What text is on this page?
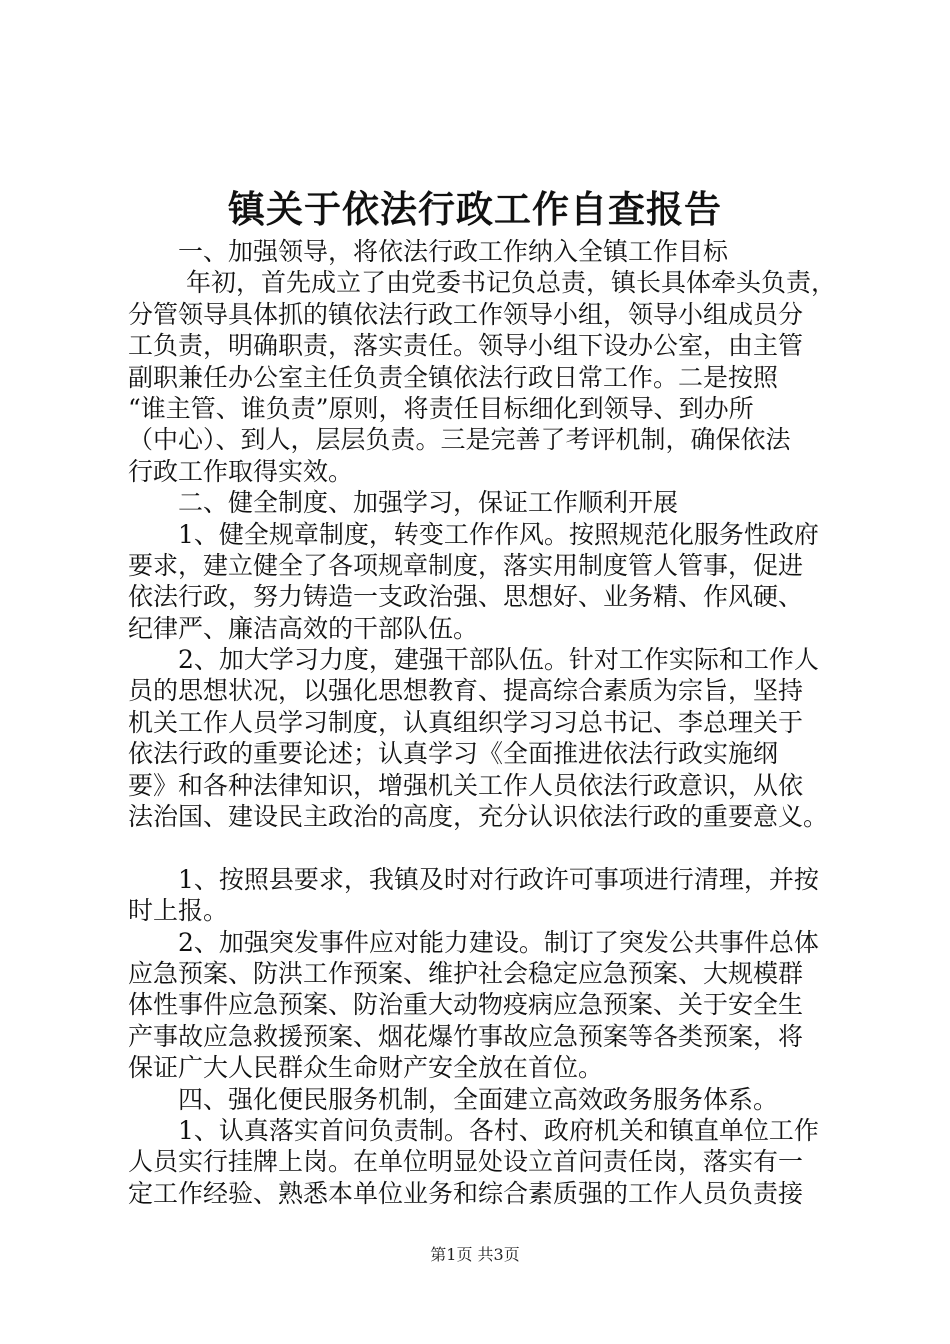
镇关于依法行政工作自查报告
一、加强领导，将依法行政工作纳入全镇工作目标
年初，首先成立了由党委书记负总责，镇长具体牵头负责，
分管领导具体抓的镇依法行政工作领导小组，领导小组成员分
工负责，明确职责，落实责任。领导小组下设办公室，由主管
副职兼任办公室主任负责全镇依法行政日常工作。二是按照
“谁主管、谁负责”原则，将责任目标细化到领导、到办所
（中心）、到人，层层负责。三是完善了考评机制，确保依法
行政工作取得实效。
二、健全制度、加强学习，保证工作顺利开展
1、健全规章制度，转变工作作风。按照规范化服务性政府
要求，建立健全了各项规章制度，落实用制度管人管事，促进
依法行政，努力铸造一支政治强、思想好、业务精、作风硬、
纪律严、廉洁高效的干部队伍。
2、加大学习力度，建强干部队伍。针对工作实际和工作人
员的思想状况，以强化思想教育、提高综合素质为宗旨，坚持
机关工作人员学习制度，认真组织学习习总书记、李总理关于
依法行政的重要论述；认真学习《全面推进依法行政实施纲
要》和各种法律知识，增强机关工作人员依法行政意识，从依
法治国、建设民主政治的高度，充分认识依法行政的重要意义。
1、按照县要求，我镇及时对行政许可事项进行清理，并按
时上报。
2、加强突发事件应对能力建设。制订了突发公共事件总体
应急预案、防洪工作预案、维护社会稳定应急预案、大规模群
体性事件应急预案、防治重大动物疫病应急预案、关于安全生
产事故应急救援预案、烟花爆竹事故应急预案等各类预案，将
保证广大人民群众生命财产安全放在首位。
四、强化便民服务机制，全面建立高效政务服务体系。
1、认真落实首问负责制。各村、政府机关和镇直单位工作
人员实行挂牌上岗。在单位明显处设立首问责任岗，落实有一
定工作经验、熟悉本单位业务和综合素质强的工作人员负责接
第1页 共3页
